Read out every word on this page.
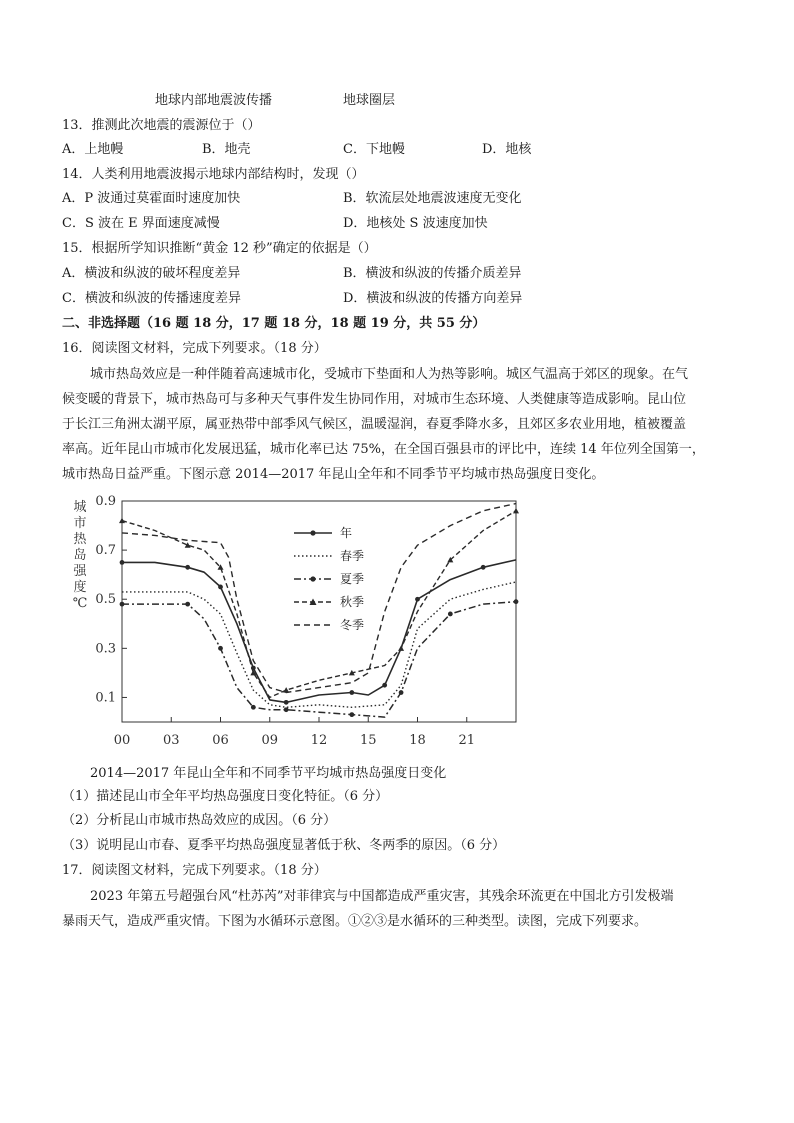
地球内部地震波传播	地球圈层
13．推测此次地震的震源位于（）
A．上地幔	B．地壳	C．下地幔	D．地核
14．人类利用地震波揭示地球内部结构时，发现（）
A．P 波通过莫霍面时速度加快	B．软流层处地震波速度无变化
C．S 波在 E 界面速度减慢	D．地核处 S 波速度加快
15．根据所学知识推断“黄金 12 秒”确定的依据是（）
A．横波和纵波的破坏程度差异	B．横波和纵波的传播介质差异
C．横波和纵波的传播速度差异	D．横波和纵波的传播方向差异
二、非选择题（16 题 18 分，17 题 18 分，18 题 19 分，共 55 分）
16．阅读图文材料，完成下列要求。（18 分）
城市热岛效应是一种伴随着高速城市化，受城市下垫面和人为热等影响。城区气温高于郊区的现象。在气
候变暖的背景下，城市热岛可与多种天气事件发生协同作用，对城市生态环境、人类健康等造成影响。昆山位
于长江三角洲太湖平原，属亚热带中部季风气候区，温暖湿润，春夏季降水多，且郊区多农业用地，植被覆盖
率高。近年昆山市城市化发展迅猛，城市化率已达 75%，在全国百强县市的评比中，连续 14 年位列全国第一，
城市热岛日益严重。下图示意 2014—2017 年昆山全年和不同季节平均城市热岛强度日变化。
城
市
热
岛
强
度
℃
0.1
0.3
0.5
0.7
0.9
00	03	06	09	12	15	18	21
年
春季
夏季
秋季
冬季
2014—2017 年昆山全年和不同季节平均城市热岛强度日变化
（1）描述昆山市全年平均热岛强度日变化特征。（6 分）
（2）分析昆山市城市热岛效应的成因。（6 分）
（3）说明昆山市春、夏季平均热岛强度显著低于秋、冬两季的原因。（6 分）
17．阅读图文材料，完成下列要求。（18 分）
2023 年第五号超强台风“杜苏芮”对菲律宾与中国都造成严重灾害，其残余环流更在中国北方引发极端
暴雨天气，造成严重灾情。下图为水循环示意图。①②③是水循环的三种类型。读图，完成下列要求。
